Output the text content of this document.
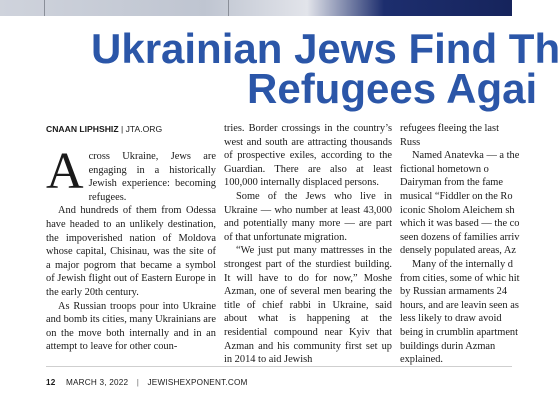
Ukrainian Jews Find Th
Refugees Agai
CNAAN LIPHSHIZ | JTA.ORG

Across Ukraine, Jews are engaging in a historically Jewish experience: becoming refugees.

And hundreds of them from Odessa have headed to an unlikely destination, the impoverished nation of Moldova whose capital, Chisinau, was the site of a major pogrom that became a symbol of Jewish flight out of Eastern Europe in the early 20th century.

As Russian troops pour into Ukraine and bomb its cities, many Ukrainians are on the move both internally and in an attempt to leave for other coun-

tries. Border crossings in the country’s west and south are attracting thousands of prospective exiles, according to the Guardian. There are also at least 100,000 internally displaced persons.

Some of the Jews who live in Ukraine — who number at least 43,000 and potentially many more — are part of that unfortunate migration.

“We just put many mattresses in the strongest part of the sturdiest building. It will have to do for now,” Moshe Azman, one of several men bearing the title of chief rabbi in Ukraine, said about what is happening at the residential compound near Kyiv that Azman and his community first set up in 2014 to aid Jewish

refugees fleeing the last Russ

Named Anatevka — a the fictional hometown o Dairyman from the fame musical “Fiddler on the Ro iconic Sholom Aleichem sh which it was based — the co seen dozens of families arriv densely populated areas, Az

Many of the internally d from cities, some of whic hit by Russian armaments 24 hours, and are leavin seen as less likely to draw avoid being in crumblin apartment buildings durin Azman explained.

12 MARCH 3, 2022 | JEWISHEXPONENT.COM
